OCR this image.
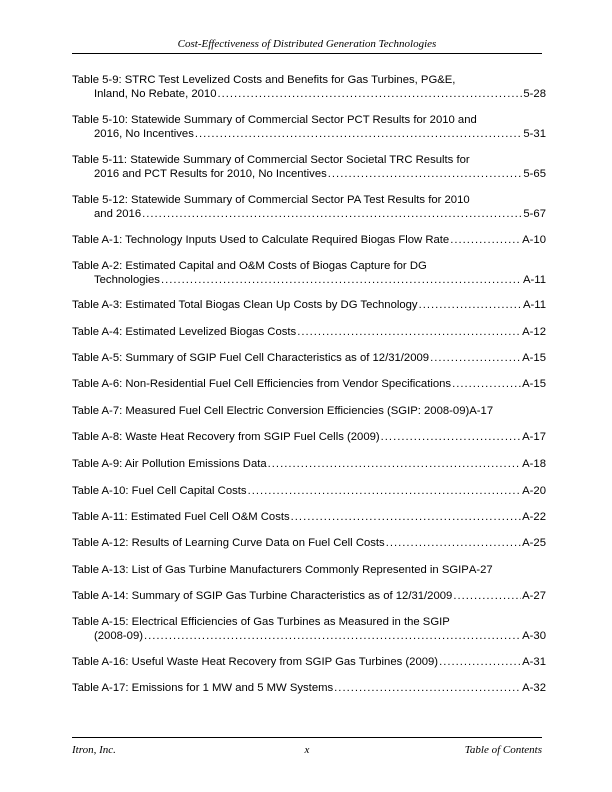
Cost-Effectiveness of Distributed Generation Technologies
Table 5-9: STRC Test Levelized Costs and Benefits for Gas Turbines, PG&E,
Inland, No Rebate, 2010 .....	5-28
Table 5-10: Statewide Summary of Commercial Sector PCT Results for 2010 and
2016, No Incentives .....	5-31
Table 5-11: Statewide Summary of Commercial Sector Societal TRC Results for
2016 and PCT Results for 2010, No Incentives .....	5-65
Table 5-12: Statewide Summary of Commercial Sector PA Test Results for 2010
and 2016 .....	5-67
Table A-1: Technology Inputs Used to Calculate Required Biogas Flow Rate .....	A-10
Table A-2: Estimated Capital and O&M Costs of Biogas Capture for DG
Technologies .....	A-11
Table A-3: Estimated Total Biogas Clean Up Costs by DG Technology .....	A-11
Table A-4: Estimated Levelized Biogas Costs .....	A-12
Table A-5: Summary of SGIP Fuel Cell Characteristics as of 12/31/2009 .....	A-15
Table A-6: Non-Residential Fuel Cell Efficiencies from Vendor Specifications .....	A-15
Table A-7: Measured Fuel Cell Electric Conversion Efficiencies (SGIP: 2008-09) A-17
Table A-8: Waste Heat Recovery from SGIP Fuel Cells (2009) .....	A-17
Table A-9: Air Pollution Emissions Data .....	A-18
Table A-10: Fuel Cell Capital Costs .....	A-20
Table A-11: Estimated Fuel Cell O&M Costs .....	A-22
Table A-12: Results of Learning Curve Data on Fuel Cell Costs .....	A-25
Table A-13: List of Gas Turbine Manufacturers Commonly Represented in SGIP A-27
Table A-14: Summary of SGIP Gas Turbine Characteristics as of 12/31/2009 .....	A-27
Table A-15: Electrical Efficiencies of Gas Turbines as Measured in the SGIP
(2008-09) .....	A-30
Table A-16: Useful Waste Heat Recovery from SGIP Gas Turbines (2009) .....	A-31
Table A-17: Emissions for 1 MW and 5 MW Systems .....	A-32
Itron, Inc.	x	Table of Contents
